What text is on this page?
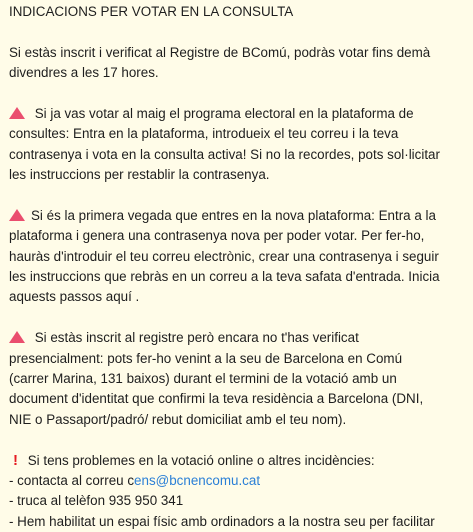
INDICACIONS PER VOTAR EN LA CONSULTA
Si estàs inscrit i verificat al Registre de BComú, podràs votar fins demà
divendres a les 17 hores.
Si ja vas votar al maig el programa electoral en la plataforma de
consultes: Entra en la plataforma, introdueix el teu correu i la teva
contrasenya i vota en la consulta activa! Si no la recordes, pots sol·licitar
les instruccions per restablir la contrasenya.
Si és la primera vegada que entres en la nova plataforma: Entra a la
plataforma i genera una contrasenya nova per poder votar. Per fer-ho,
hauràs d'introduir el teu correu electrònic, crear una contrasenya i seguir
les instruccions que rebràs en un correu a la teva safata d'entrada. Inicia
aquests passos aquí .
Si estàs inscrit al registre però encara no t'has verificat
presencialment: pots fer-ho venint a la seu de Barcelona en Comú
(carrer Marina, 131 baixos) durant el termini de la votació amb un
document d'identitat que confirmi la teva residència a Barcelona (DNI,
NIE o Passaport/padró/ rebut domiciliat amb el teu nom).
! Si tens problemes en la votació online o altres incidències:
- contacta al correu cens@bcnencomu.cat
- truca al telèfon 935 950 341
- Hem habilitat un espai físic amb ordinadors a la nostra seu per facilitar
